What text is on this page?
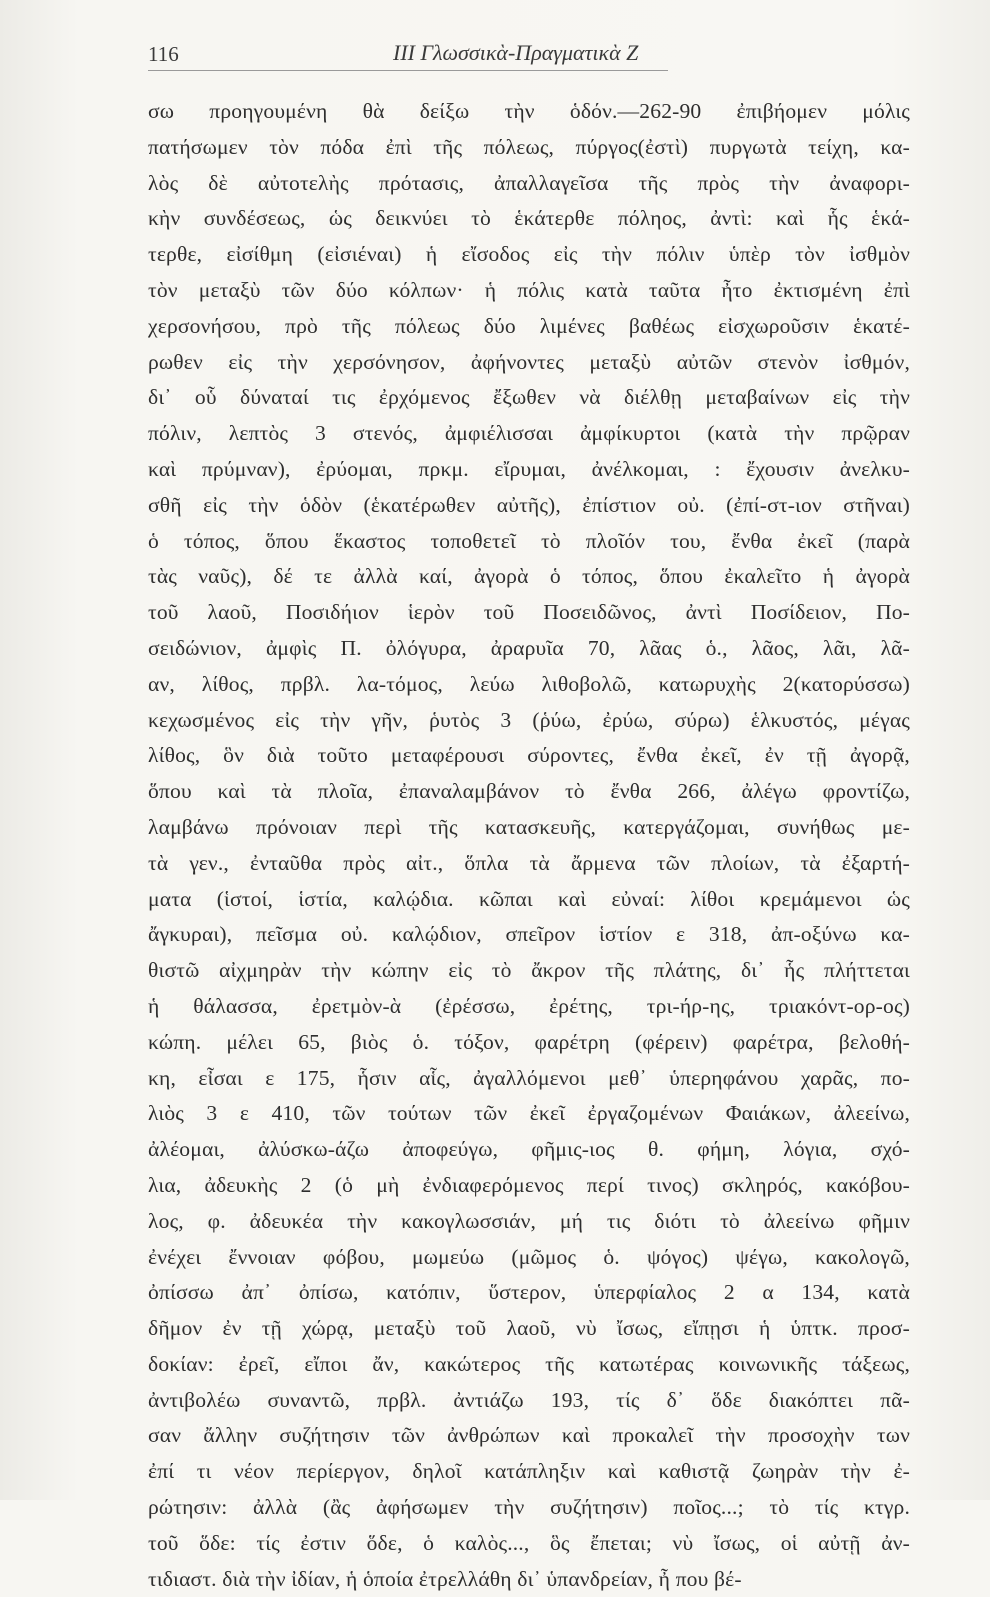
116	ΙΙΙ Γλωσσικὰ-Πραγματικὰ Ζ
σω προηγουμένη θὰ δείξω τὴν ὁδόν.—262-90 ἐπιβήομεν μόλις
πατήσωμεν τὸν πόδα ἐπὶ τῆς πόλεως, πύργος(ἐστὶ) πυργωτὰ τείχη, κα-
λὸς δὲ αὐτοτελὴς πρότασις, ἀπαλλαγεῖσα τῆς πρὸς τὴν ἀναφορι-
κὴν συνδέσεως, ὡς δεικνύει τὸ ἑκάτερθε πόληος, ἀντὶ: καὶ ἧς ἑκά-
τερθε, εἰσίθμη (εἰσιέναι) ἡ εἴσοδος εἰς τὴν πόλιν ὑπὲρ τὸν ἰσθμὸν
τὸν μεταξὺ τῶν δύο κόλπων· ἡ πόλις κατὰ ταῦτα ἦτο ἐκτισμένη ἐπὶ
χερσονήσου, πρὸ τῆς πόλεως δύο λιμένες βαθέως εἰσχωροῦσιν ἑκατέ-
ρωθεν εἰς τὴν χερσόνησον, ἀφήνοντες μεταξὺ αὐτῶν στενὸν ἰσθμόν,
δι᾿ οὗ δύναταί τις ἐρχόμενος ἔξωθεν νὰ διέλθῃ μεταβαίνων εἰς τὴν
πόλιν, λεπτὸς 3 στενός, ἀμφιέλισσαι ἀμφίκυρτοι (κατὰ τὴν πρῷραν
καὶ πρύμναν), ἐρύομαι, πρκμ. εἴρυμαι, ἀνέλκομαι, : ἔχουσιν ἀνελκυ-
σθῆ εἰς τὴν ὁδὸν (ἑκατέρωθεν αὐτῆς), ἐπίστιον οὐ. (ἐπί-στ-ιον στῆναι)
ὁ τόπος, ὅπου ἕκαστος τοποθετεῖ τὸ πλοῖόν του, ἔνθα ἐκεῖ (παρὰ
τὰς ναῦς), δέ τε ἀλλὰ καί, ἀγορὰ ὁ τόπος, ὅπου ἐκαλεῖτο ἡ ἀγορὰ
τοῦ λαοῦ, Ποσιδήιον ἱερὸν τοῦ Ποσειδῶνος, ἀντὶ Ποσίδειον, Πο-
σειδώνιον, ἀμφὶς Π. ὀλόγυρα, ἀραρυῖα 70, λᾶας ὁ., λᾶος, λᾶι, λᾶ-
αν, λίθος, πρβλ. λα-τόμος, λεύω λιθοβολῶ, κατωρυχὴς 2(κατορύσσω)
κεχωσμένος εἰς τὴν γῆν, ῥυτὸς 3 (ῥύω, ἐρύω, σύρω) ἑλκυστός, μέγας
λίθος, ὃν διὰ τοῦτο μεταφέρουσι σύροντες, ἔνθα ἐκεῖ, ἐν τῇ ἀγορᾷ,
ὅπου καὶ τὰ πλοῖα, ἐπαναλαμβάνον τὸ ἔνθα 266, ἀλέγω φροντίζω,
λαμβάνω πρόνοιαν περὶ τῆς κατασκευῆς, κατεργάζομαι, συνήθως με-
τὰ γεν., ἐνταῦθα πρὸς αἰτ., ὅπλα τὰ ἄρμενα τῶν πλοίων, τὰ ἐξαρτή-
ματα (ἱστοί, ἱστία, καλῴδια. κῶπαι καὶ εὐναί: λίθοι κρεμάμενοι ὡς
ἄγκυραι), πεῖσμα οὐ. καλῴδιον, σπεῖρον ἱστίον ε 318, ἀπ-οξύνω κα-
θιστῶ αἰχμηρὰν τὴν κώπην εἰς τὸ ἄκρον τῆς πλάτης, δι᾿ ἧς πλήττεται
ἡ θάλασσα, ἐρετμὸν-ὰ (ἐρέσσω, ἐρέτης, τρι-ήρ-ης, τριακόντ-ορ-ος)
κώπη. μέλει 65, βιὸς ὁ. τόξον, φαρέτρη (φέρειν) φαρέτρα, βελοθή-
κη, εἶσαι ε 175, ἧσιν αἷς, ἀγαλλόμενοι μεθ᾿ ὑπερηφάνου χαρᾶς, πο-
λιὸς 3 ε 410, τῶν τούτων τῶν ἐκεῖ ἐργαζομένων Φαιάκων, ἀλεείνω,
ἀλέομαι, ἀλύσκω-άζω ἀποφεύγω, φῆμις-ιος θ. φήμη, λόγια, σχό-
λια, ἀδευκὴς 2 (ὁ μὴ ἐνδιαφερόμενος περί τινος) σκληρός, κακόβου-
λος, φ. ἀδευκέα τὴν κακογλωσσιάν, μή τις διότι τὸ ἀλεείνω φῆμιν
ἐνέχει ἔννοιαν φόβου, μωμεύω (μῶμος ὁ. ψόγος) ψέγω, κακολογῶ,
ὀπίσσω ἀπ᾿ ὀπίσω, κατόπιν, ὕστερον, ὑπερφίαλος 2 α 134, κατὰ
δῆμον ἐν τῇ χώρᾳ, μεταξὺ τοῦ λαοῦ, νὺ ἴσως, εἴπῃσι ἡ ὑπτκ. προσ-
δοκίαν: ἐρεῖ, εἴποι ἄν, κακώτερος τῆς κατωτέρας κοινωνικῆς τάξεως,
ἀντιβολέω συναντῶ, πρβλ. ἀντιάζω 193, τίς δ᾿ ὅδε διακόπτει πᾶ-
σαν ἄλλην συζήτησιν τῶν ἀνθρώπων καὶ προκαλεῖ τὴν προσοχὴν των
ἐπί τι νέον περίεργον, δηλοῖ κατάπληξιν καὶ καθιστᾷ ζωηρὰν τὴν ἐ-
ρώτησιν: ἀλλὰ (ἂς ἀφήσωμεν τὴν συζήτησιν) ποῖος...; τὸ τίς κτγρ.
τοῦ ὅδε: τίς ἐστιν ὅδε, ὁ καλὸς..., ὃς ἔπεται; νὺ ἴσως, οἱ αὐτῇ ἀν-
τιδιαστ. διὰ τὴν ἰδίαν, ἡ ὁποία ἐτρελλάθη δι᾿ ὑπανδρείαν, ἦ που βέ-
